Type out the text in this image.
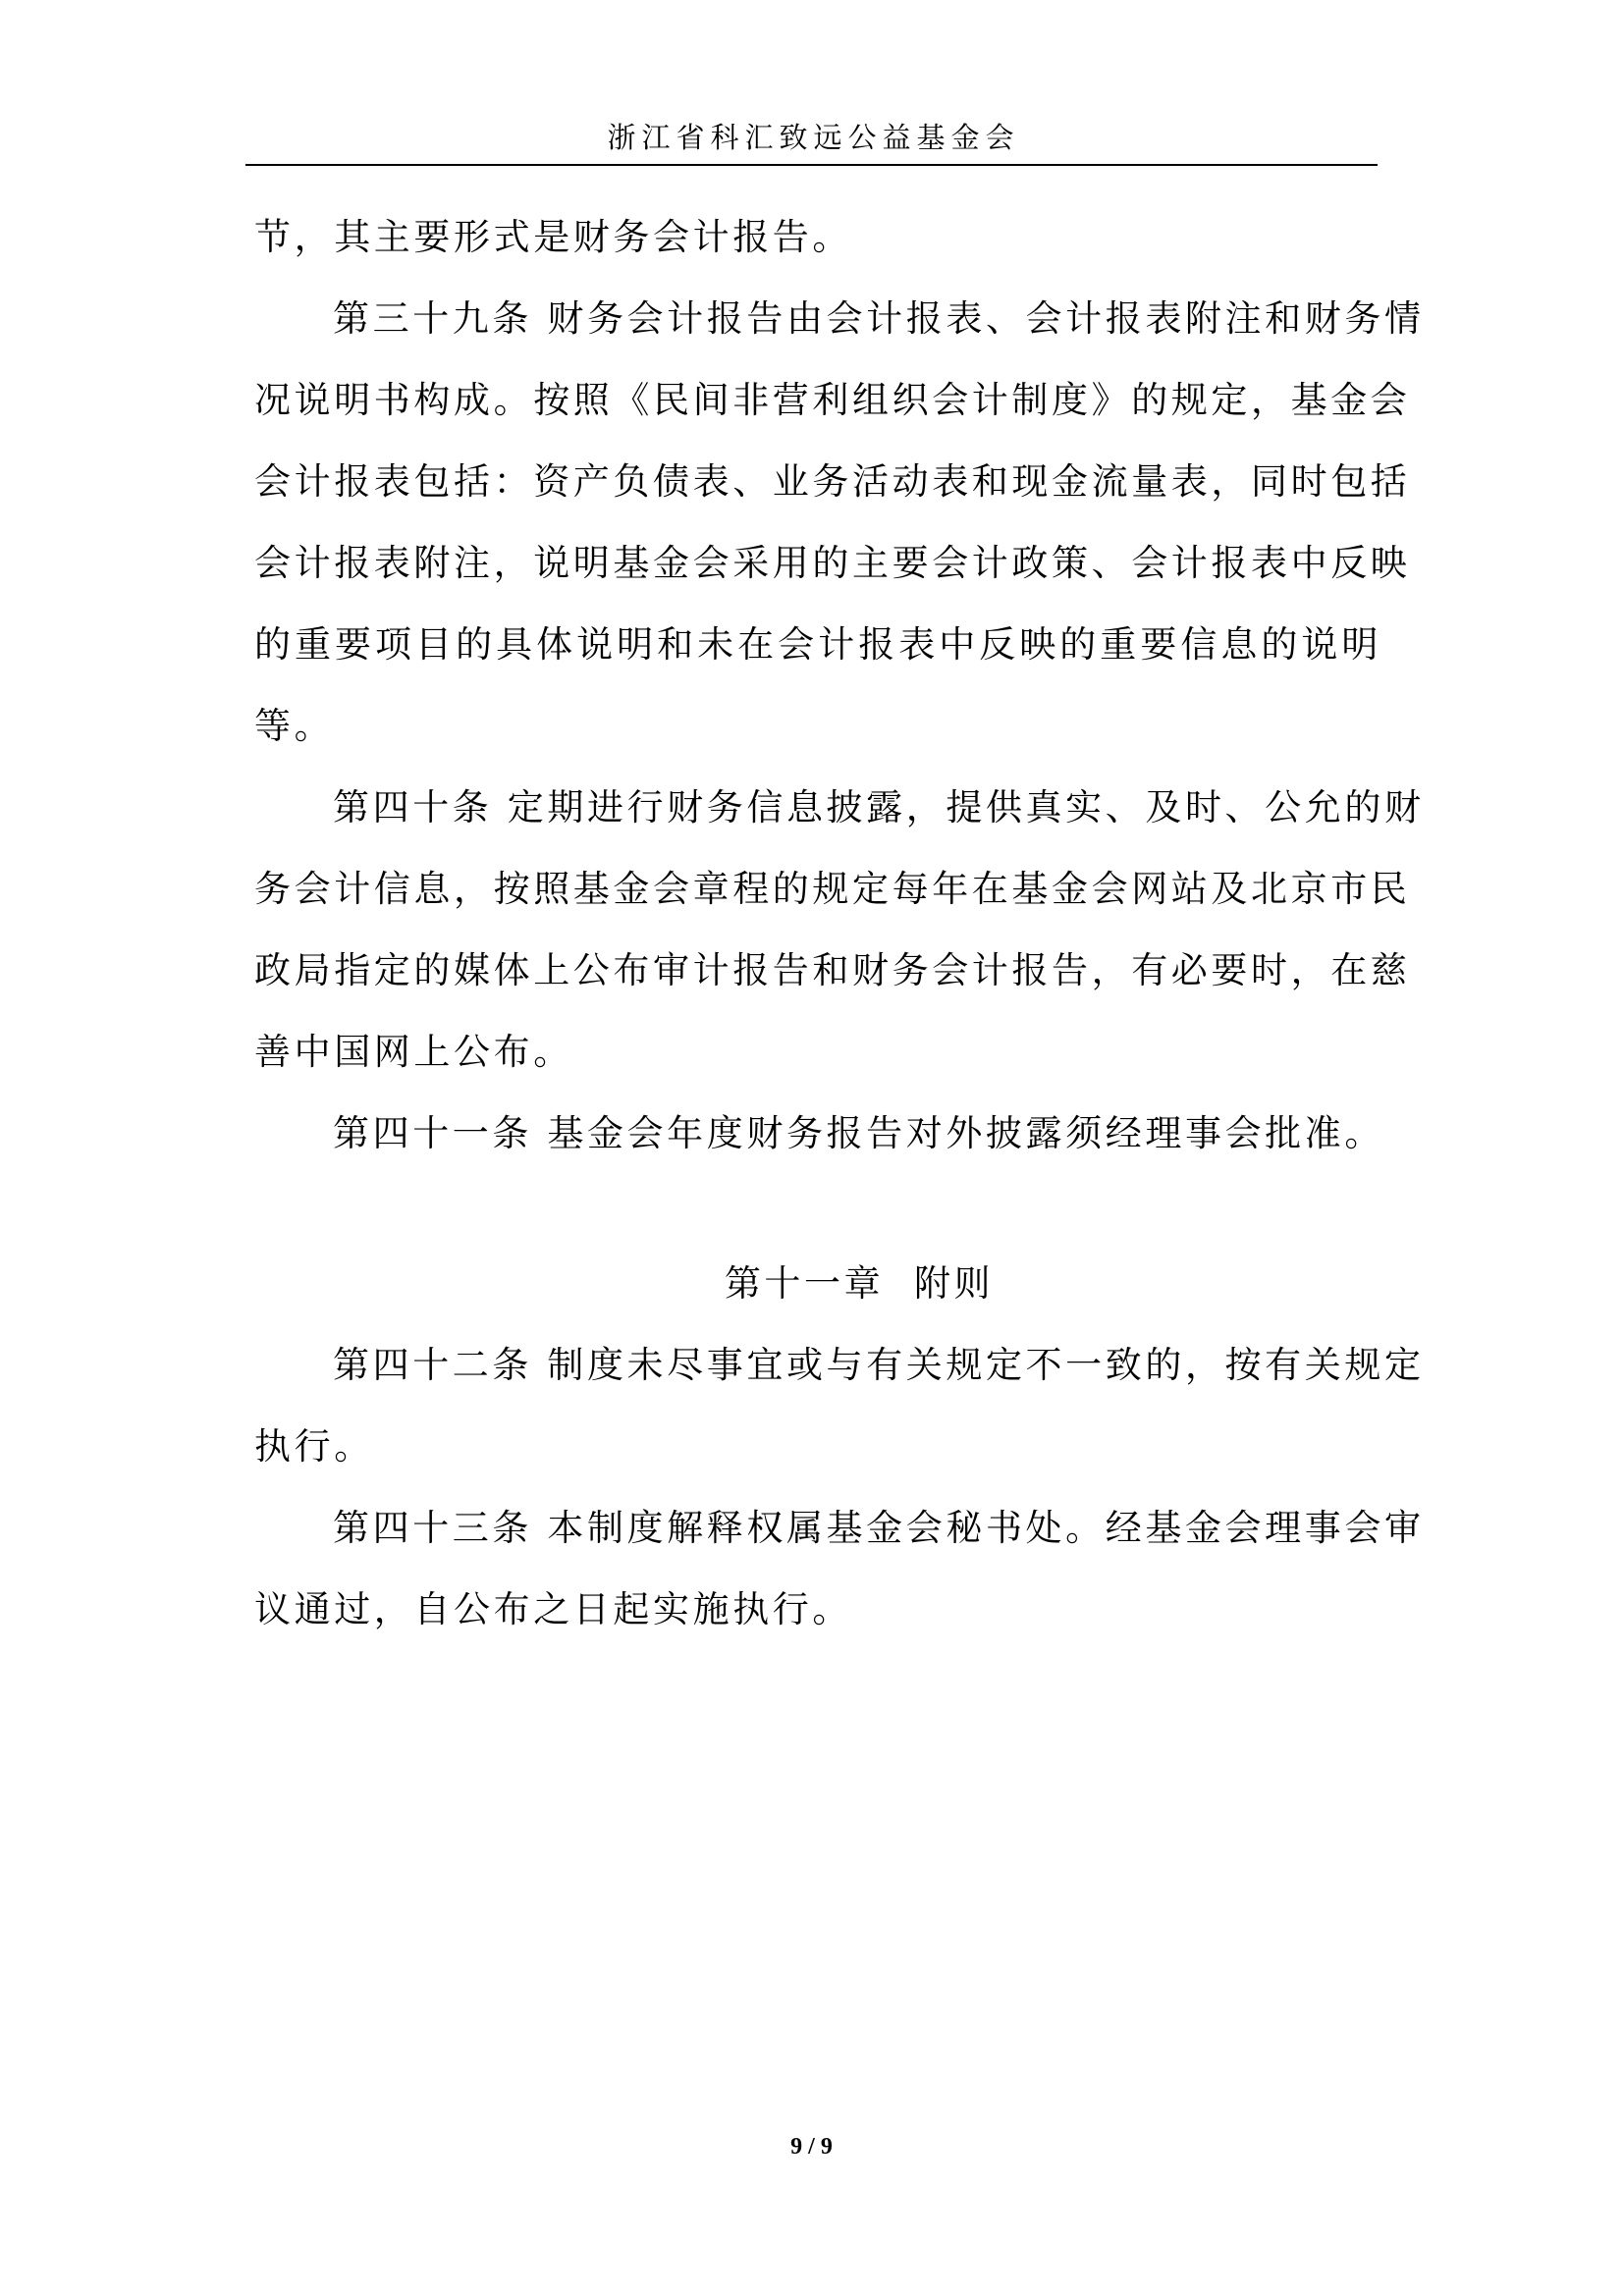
浙江省科汇致远公益基金会
节，其主要形式是财务会计报告。
第三十九条 财务会计报告由会计报表、会计报表附注和财务情
况说明书构成。按照《民间非营利组织会计制度》的规定，基金会
会计报表包括：资产负债表、业务活动表和现金流量表，同时包括
会计报表附注，说明基金会采用的主要会计政策、会计报表中反映
的重要项目的具体说明和未在会计报表中反映的重要信息的说明
等。
第四十条 定期进行财务信息披露，提供真实、及时、公允的财
务会计信息，按照基金会章程的规定每年在基金会网站及北京市民
政局指定的媒体上公布审计报告和财务会计报告，有必要时，在慈
善中国网上公布。
第四十一条 基金会年度财务报告对外披露须经理事会批准。
第十一章  附则
第四十二条 制度未尽事宜或与有关规定不一致的，按有关规定
执行。
第四十三条 本制度解释权属基金会秘书处。经基金会理事会审
议通过，自公布之日起实施执行。
9 / 9
